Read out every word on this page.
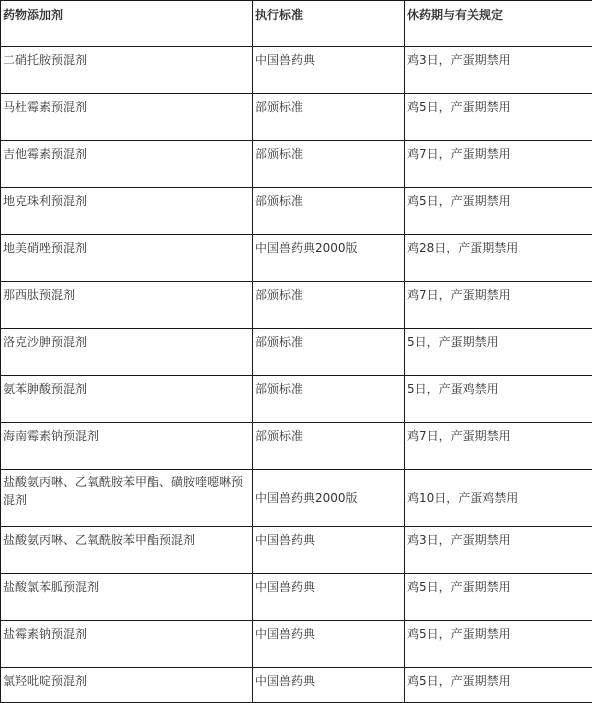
药物添加剂	执行标准	休药期与有关规定
二硝托胺预混剂	中国兽药典	鸡3日，产蛋期禁用
马杜霉素预混剂	部颁标准	鸡5日，产蛋期禁用
吉他霉素预混剂	部颁标准	鸡7日，产蛋期禁用
地克珠利预混剂	部颁标准	鸡5日，产蛋期禁用
地美硝唑预混剂	中国兽药典2000版	鸡28日，产蛋期禁用
那西肽预混剂	部颁标准	鸡7日，产蛋期禁用
洛克沙胂预混剂	部颁标准	5日，产蛋期禁用
氨苯胂酸预混剂	部颁标准	5日，产蛋鸡禁用
海南霉素钠预混剂	部颁标准	鸡7日，产蛋期禁用
盐酸氨丙啉、乙氧酰胺苯甲酯、磺胺喹噁啉预混剂	中国兽药典2000版	鸡10日，产蛋鸡禁用
盐酸氨丙啉、乙氧酰胺苯甲酯预混剂	中国兽药典	鸡3日，产蛋期禁用
盐酸氯苯胍预混剂	中国兽药典	鸡5日，产蛋期禁用
盐霉素钠预混剂	中国兽药典	鸡5日，产蛋期禁用
氯羟吡啶预混剂	中国兽药典	鸡5日，产蛋期禁用
